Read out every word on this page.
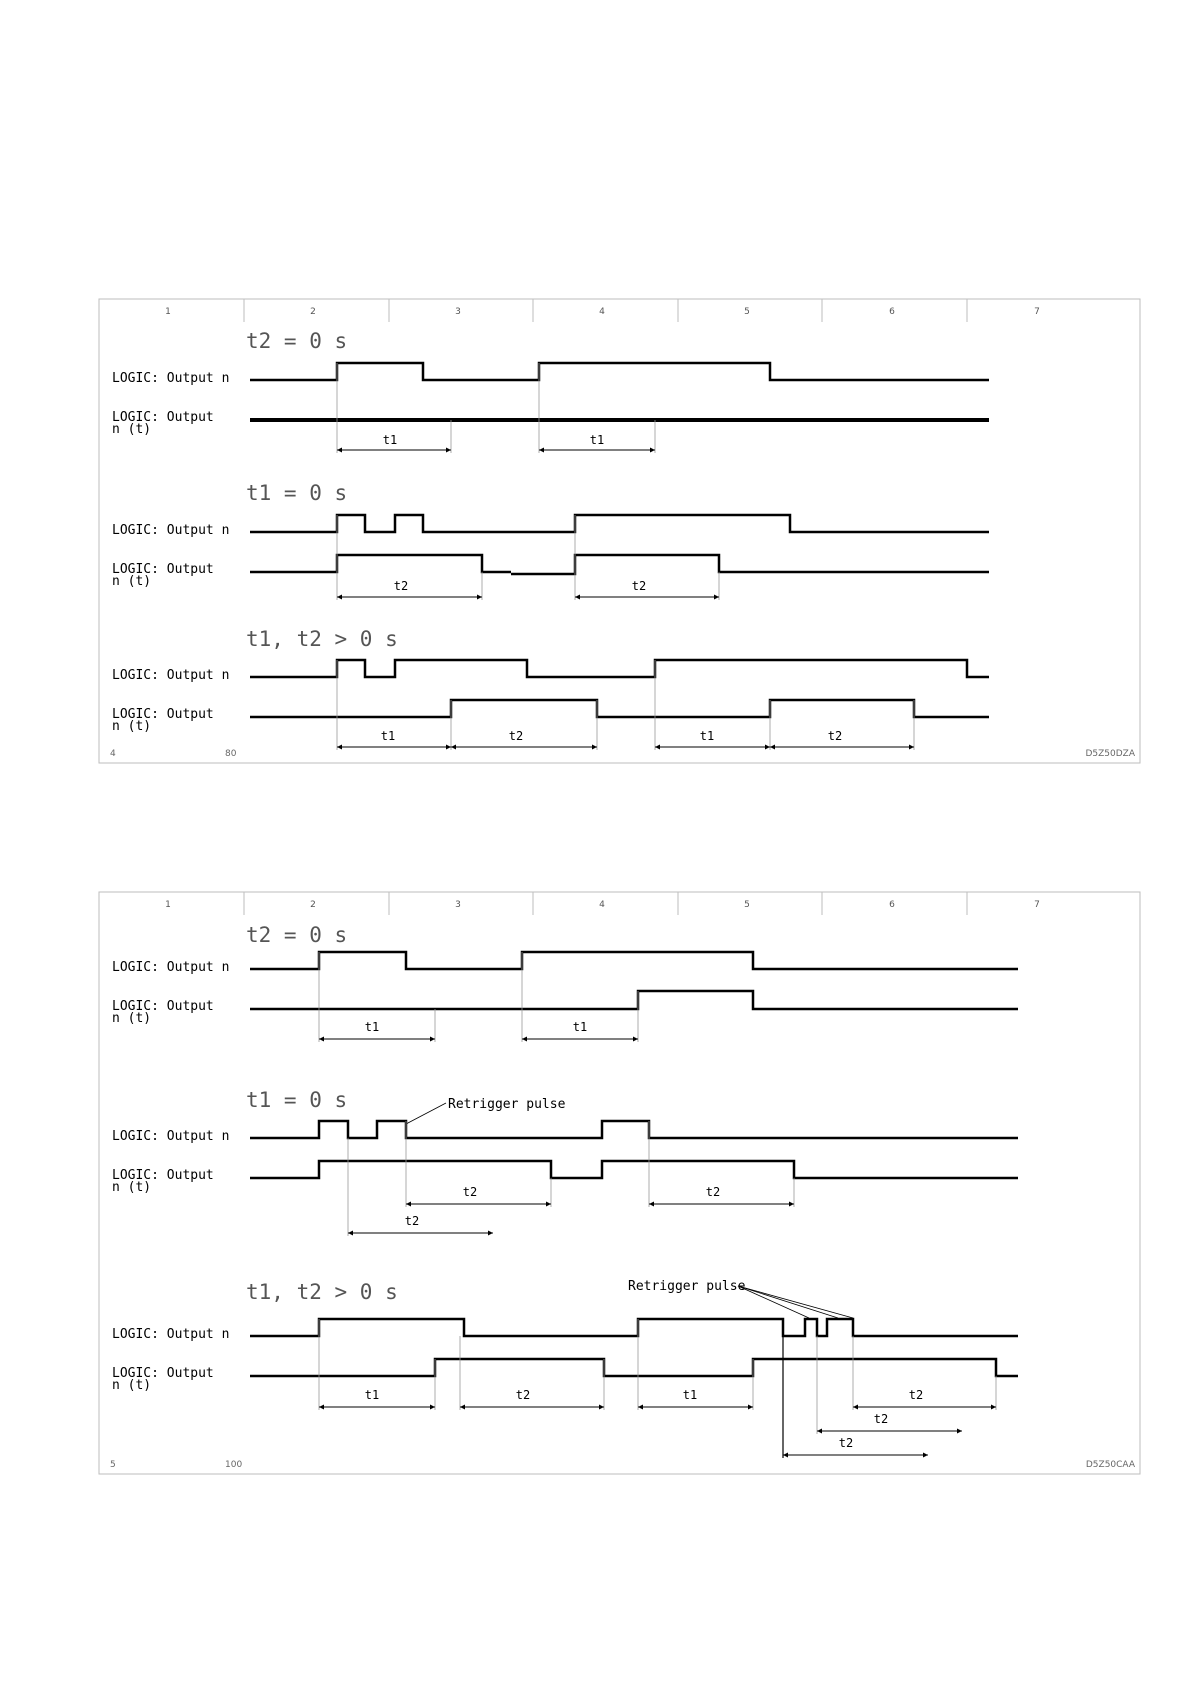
1	2	3	4	5	6	7
4	80	D5Z50DZA
t2 = 0 s
LOGIC: Output n
LOGIC: Output
n (t)
t1	t1
t1 = 0 s
LOGIC: Output n
LOGIC: Output
n (t)	t2	t2
t1, t2 > 0 s
LOGIC: Output n
LOGIC: Output
n (t)
t1	t2	t1	t2
1	2	3	4	5	6	7
5	100	D5Z50CAA
t2 = 0 s
LOGIC: Output n
LOGIC: Output
n (t)
t1	t1
t1 = 0 s	Retrigger pulse
LOGIC: Output n
LOGIC: Output
n (t)	t2	t2
t2
t1, t2 > 0 s	Retrigger pulse
LOGIC: Output n
LOGIC: Output
n (t)
t1	t2	t1	t2
t2
t2
